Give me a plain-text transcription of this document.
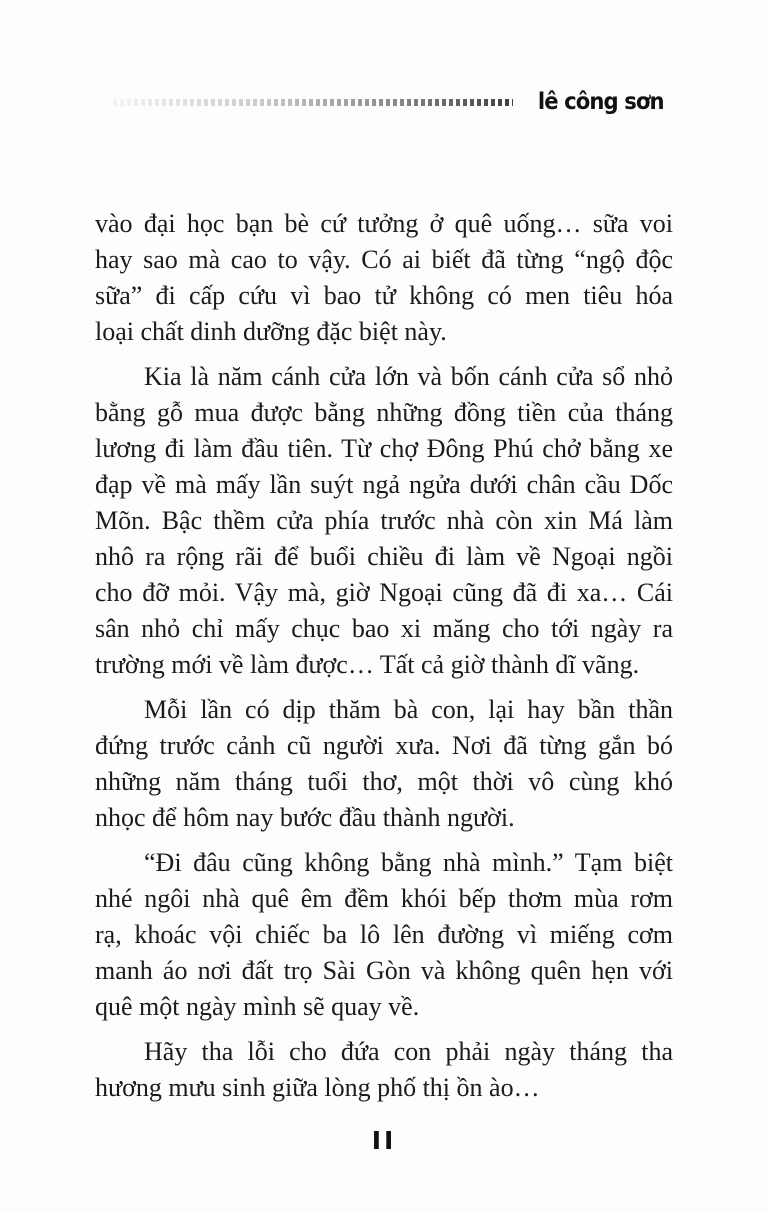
lê công sơn
vào đại học bạn bè cứ tưởng ở quê uống… sữa voi
hay sao mà cao to vậy. Có ai biết đã từng “ngộ độc
sữa” đi cấp cứu vì bao tử không có men tiêu hóa
loại chất dinh dưỡng đặc biệt này.
Kia là năm cánh cửa lớn và bốn cánh cửa sổ nhỏ
bằng gỗ mua được bằng những đồng tiền của tháng
lương đi làm đầu tiên. Từ chợ Đông Phú chở bằng xe
đạp về mà mấy lần suýt ngả ngửa dưới chân cầu Dốc
Mõn. Bậc thềm cửa phía trước nhà còn xin Má làm
nhô ra rộng rãi để buổi chiều đi làm về Ngoại ngồi
cho đỡ mỏi. Vậy mà, giờ Ngoại cũng đã đi xa… Cái
sân nhỏ chỉ mấy chục bao xi măng cho tới ngày ra
trường mới về làm được… Tất cả giờ thành dĩ vãng.
Mỗi lần có dịp thăm bà con, lại hay bần thần
đứng trước cảnh cũ người xưa. Nơi đã từng gắn bó
những năm tháng tuổi thơ, một thời vô cùng khó
nhọc để hôm nay bước đầu thành người.
“Đi đâu cũng không bằng nhà mình.” Tạm biệt
nhé ngôi nhà quê êm đềm khói bếp thơm mùa rơm
rạ, khoác vội chiếc ba lô lên đường vì miếng cơm
manh áo nơi đất trọ Sài Gòn và không quên hẹn với
quê một ngày mình sẽ quay về.
Hãy tha lỗi cho đứa con phải ngày tháng tha
hương mưu sinh giữa lòng phố thị ồn ào…
II
